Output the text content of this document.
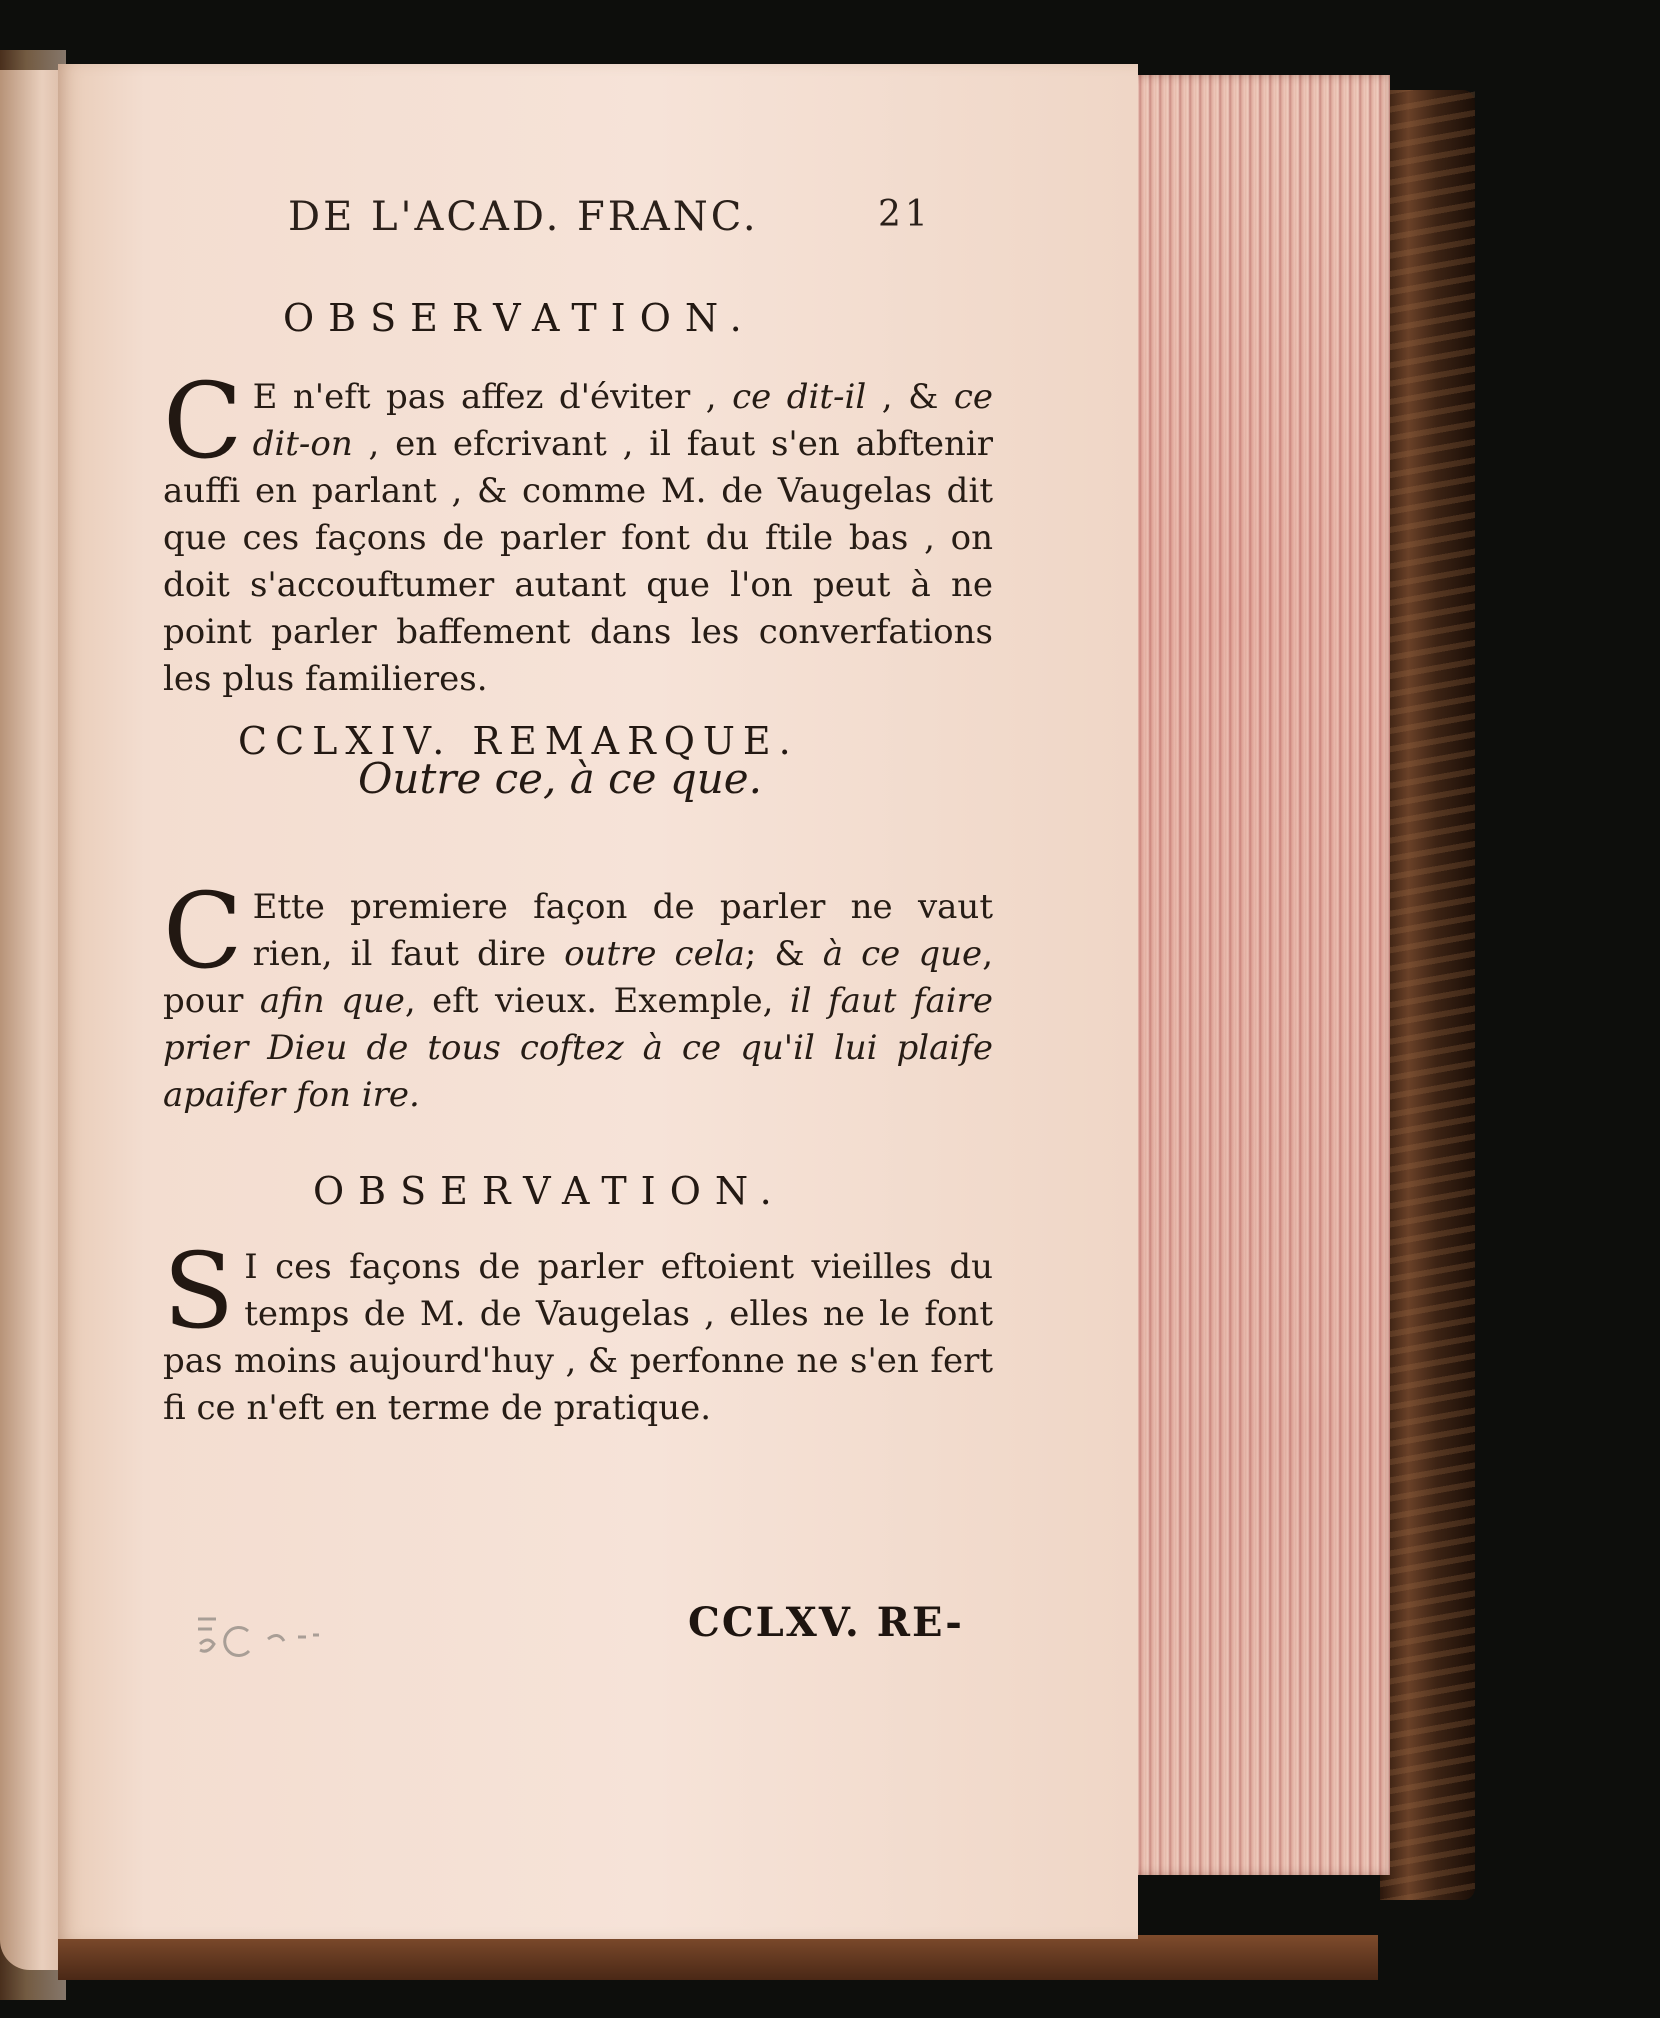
DE L'ACAD. FRANC.	21
OBSERVATION.
C E n'eft pas affez d'éviter , ce dit-il , & ce dit-on , en efcrivant , il faut s'en abftenir auffi en parlant , & comme M. de Vaugelas dit que ces façons de parler font du ftile bas , on doit s'accouftumer autant que l'on peut à ne point parler baffement dans les converfations les plus familieres.
CCLXIV. REMARQUE.
Outre ce, à ce que.
C Ette premiere façon de parler ne vaut rien, il faut dire outre cela; & à ce que, pour afin que, eft vieux. Exemple, il faut faire prier Dieu de tous coftez à ce qu'il lui plaife apaifer fon ire.
OBSERVATION.
S I ces façons de parler eftoient vieilles du temps de M. de Vaugelas , elles ne le font pas moins aujourd'huy , & perfonne ne s'en fert fi ce n'eft en terme de pratique.
CCLXV. RE-
